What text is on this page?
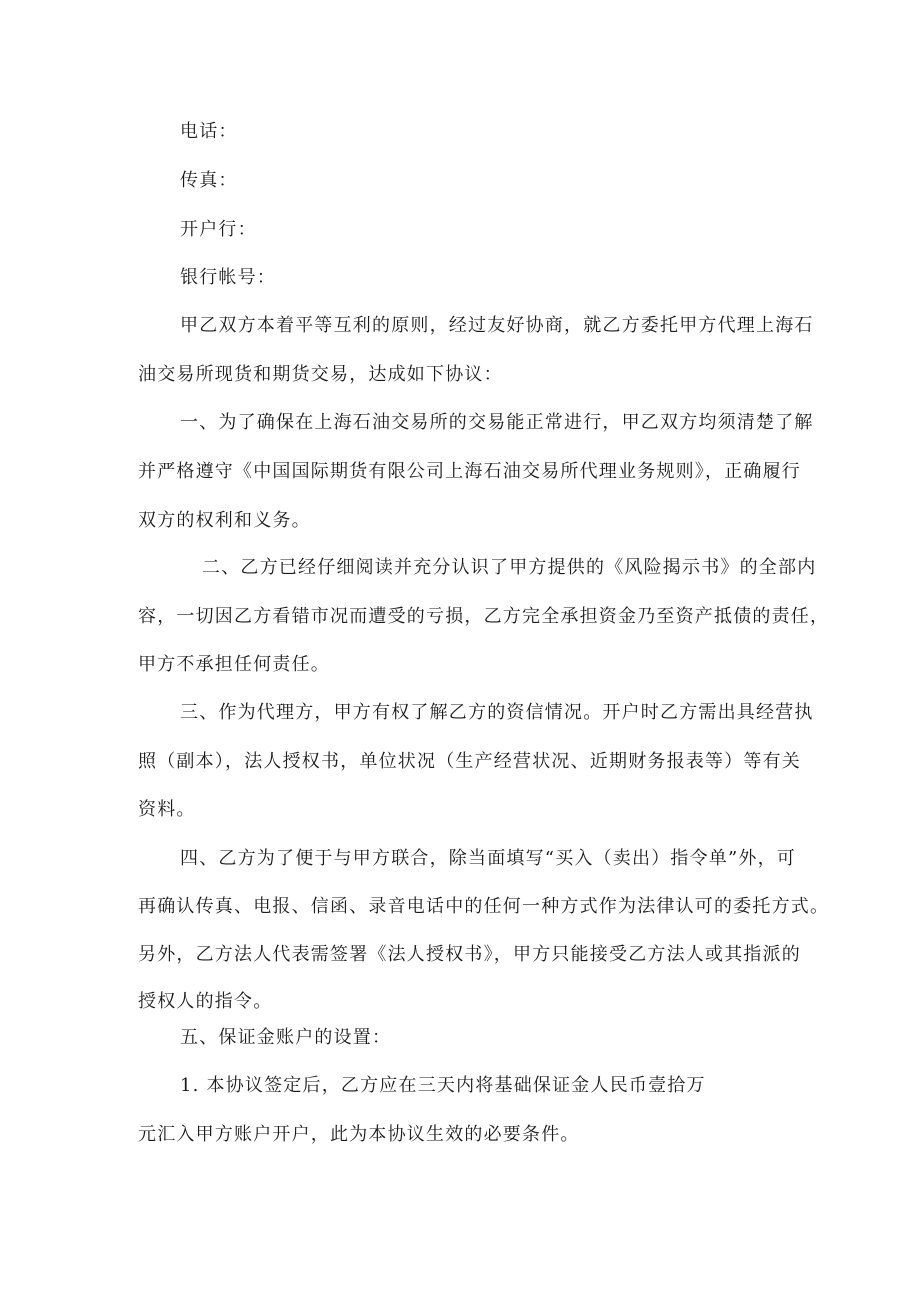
电话：
传真：
开户行：
银行帐号：
甲乙双方本着平等互利的原则，经过友好协商，就乙方委托甲方代理上海石
油交易所现货和期货交易，达成如下协议：
一、为了确保在上海石油交易所的交易能正常进行，甲乙双方均须清楚了解
并严格遵守《中国国际期货有限公司上海石油交易所代理业务规则》，正确履行
双方的权利和义务。
二、乙方已经仔细阅读并充分认识了甲方提供的《风险揭示书》的全部内
容，一切因乙方看错市况而遭受的亏损，乙方完全承担资金乃至资产抵债的责任，
甲方不承担任何责任。
三、作为代理方，甲方有权了解乙方的资信情况。开户时乙方需出具经营执
照（副本），法人授权书，单位状况（生产经营状况、近期财务报表等）等有关
资料。
四、乙方为了便于与甲方联合，除当面填写“买入（卖出）指令单”外，可
再确认传真、电报、信函、录音电话中的任何一种方式作为法律认可的委托方式。
另外，乙方法人代表需签署《法人授权书》，甲方只能接受乙方法人或其指派的
授权人的指令。
五、保证金账户的设置：
1. 本协议签定后，乙方应在三天内将基础保证金人民币壹拾万
元汇入甲方账户开户，此为本协议生效的必要条件。
